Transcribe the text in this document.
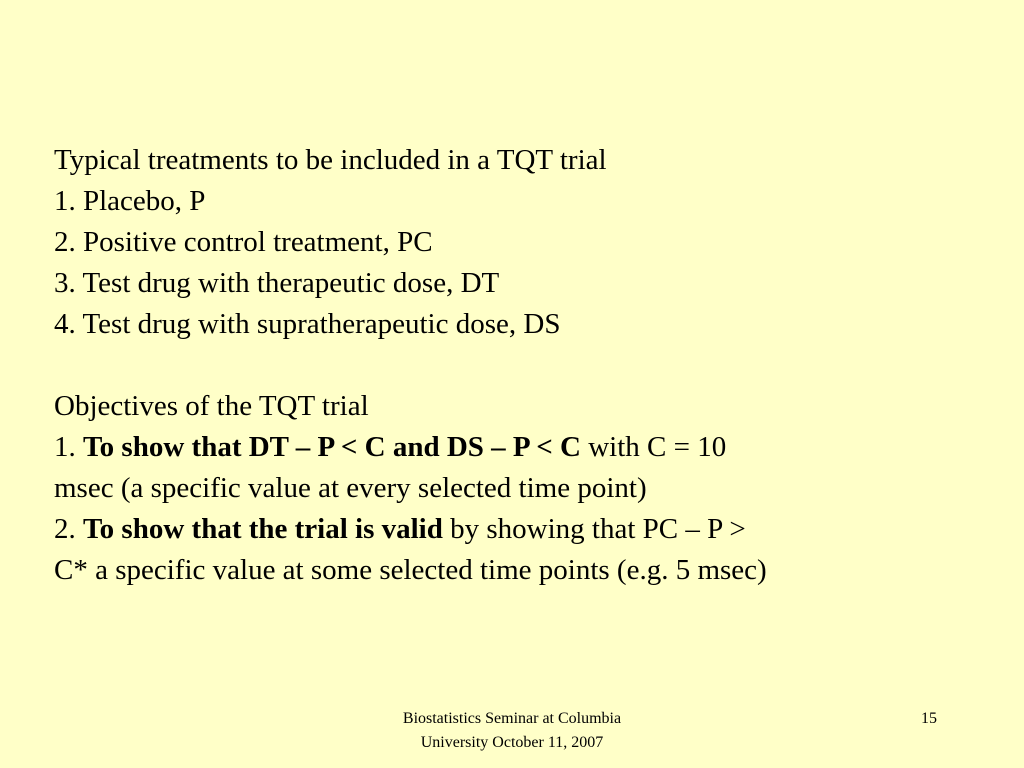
Typical treatments to be included in a TQT trial
1. Placebo, P
2. Positive control treatment, PC
3. Test drug with therapeutic dose, DT
4. Test drug with supratherapeutic dose, DS
Objectives of the TQT trial
1. To show that DT – P < C and DS – P < C with C = 10
msec (a specific value at every selected time point)
2. To show that the trial is valid by showing that PC – P >
C* a specific value at some selected time points (e.g. 5 msec)
Biostatistics Seminar at Columbia
University October 11, 2007
15
